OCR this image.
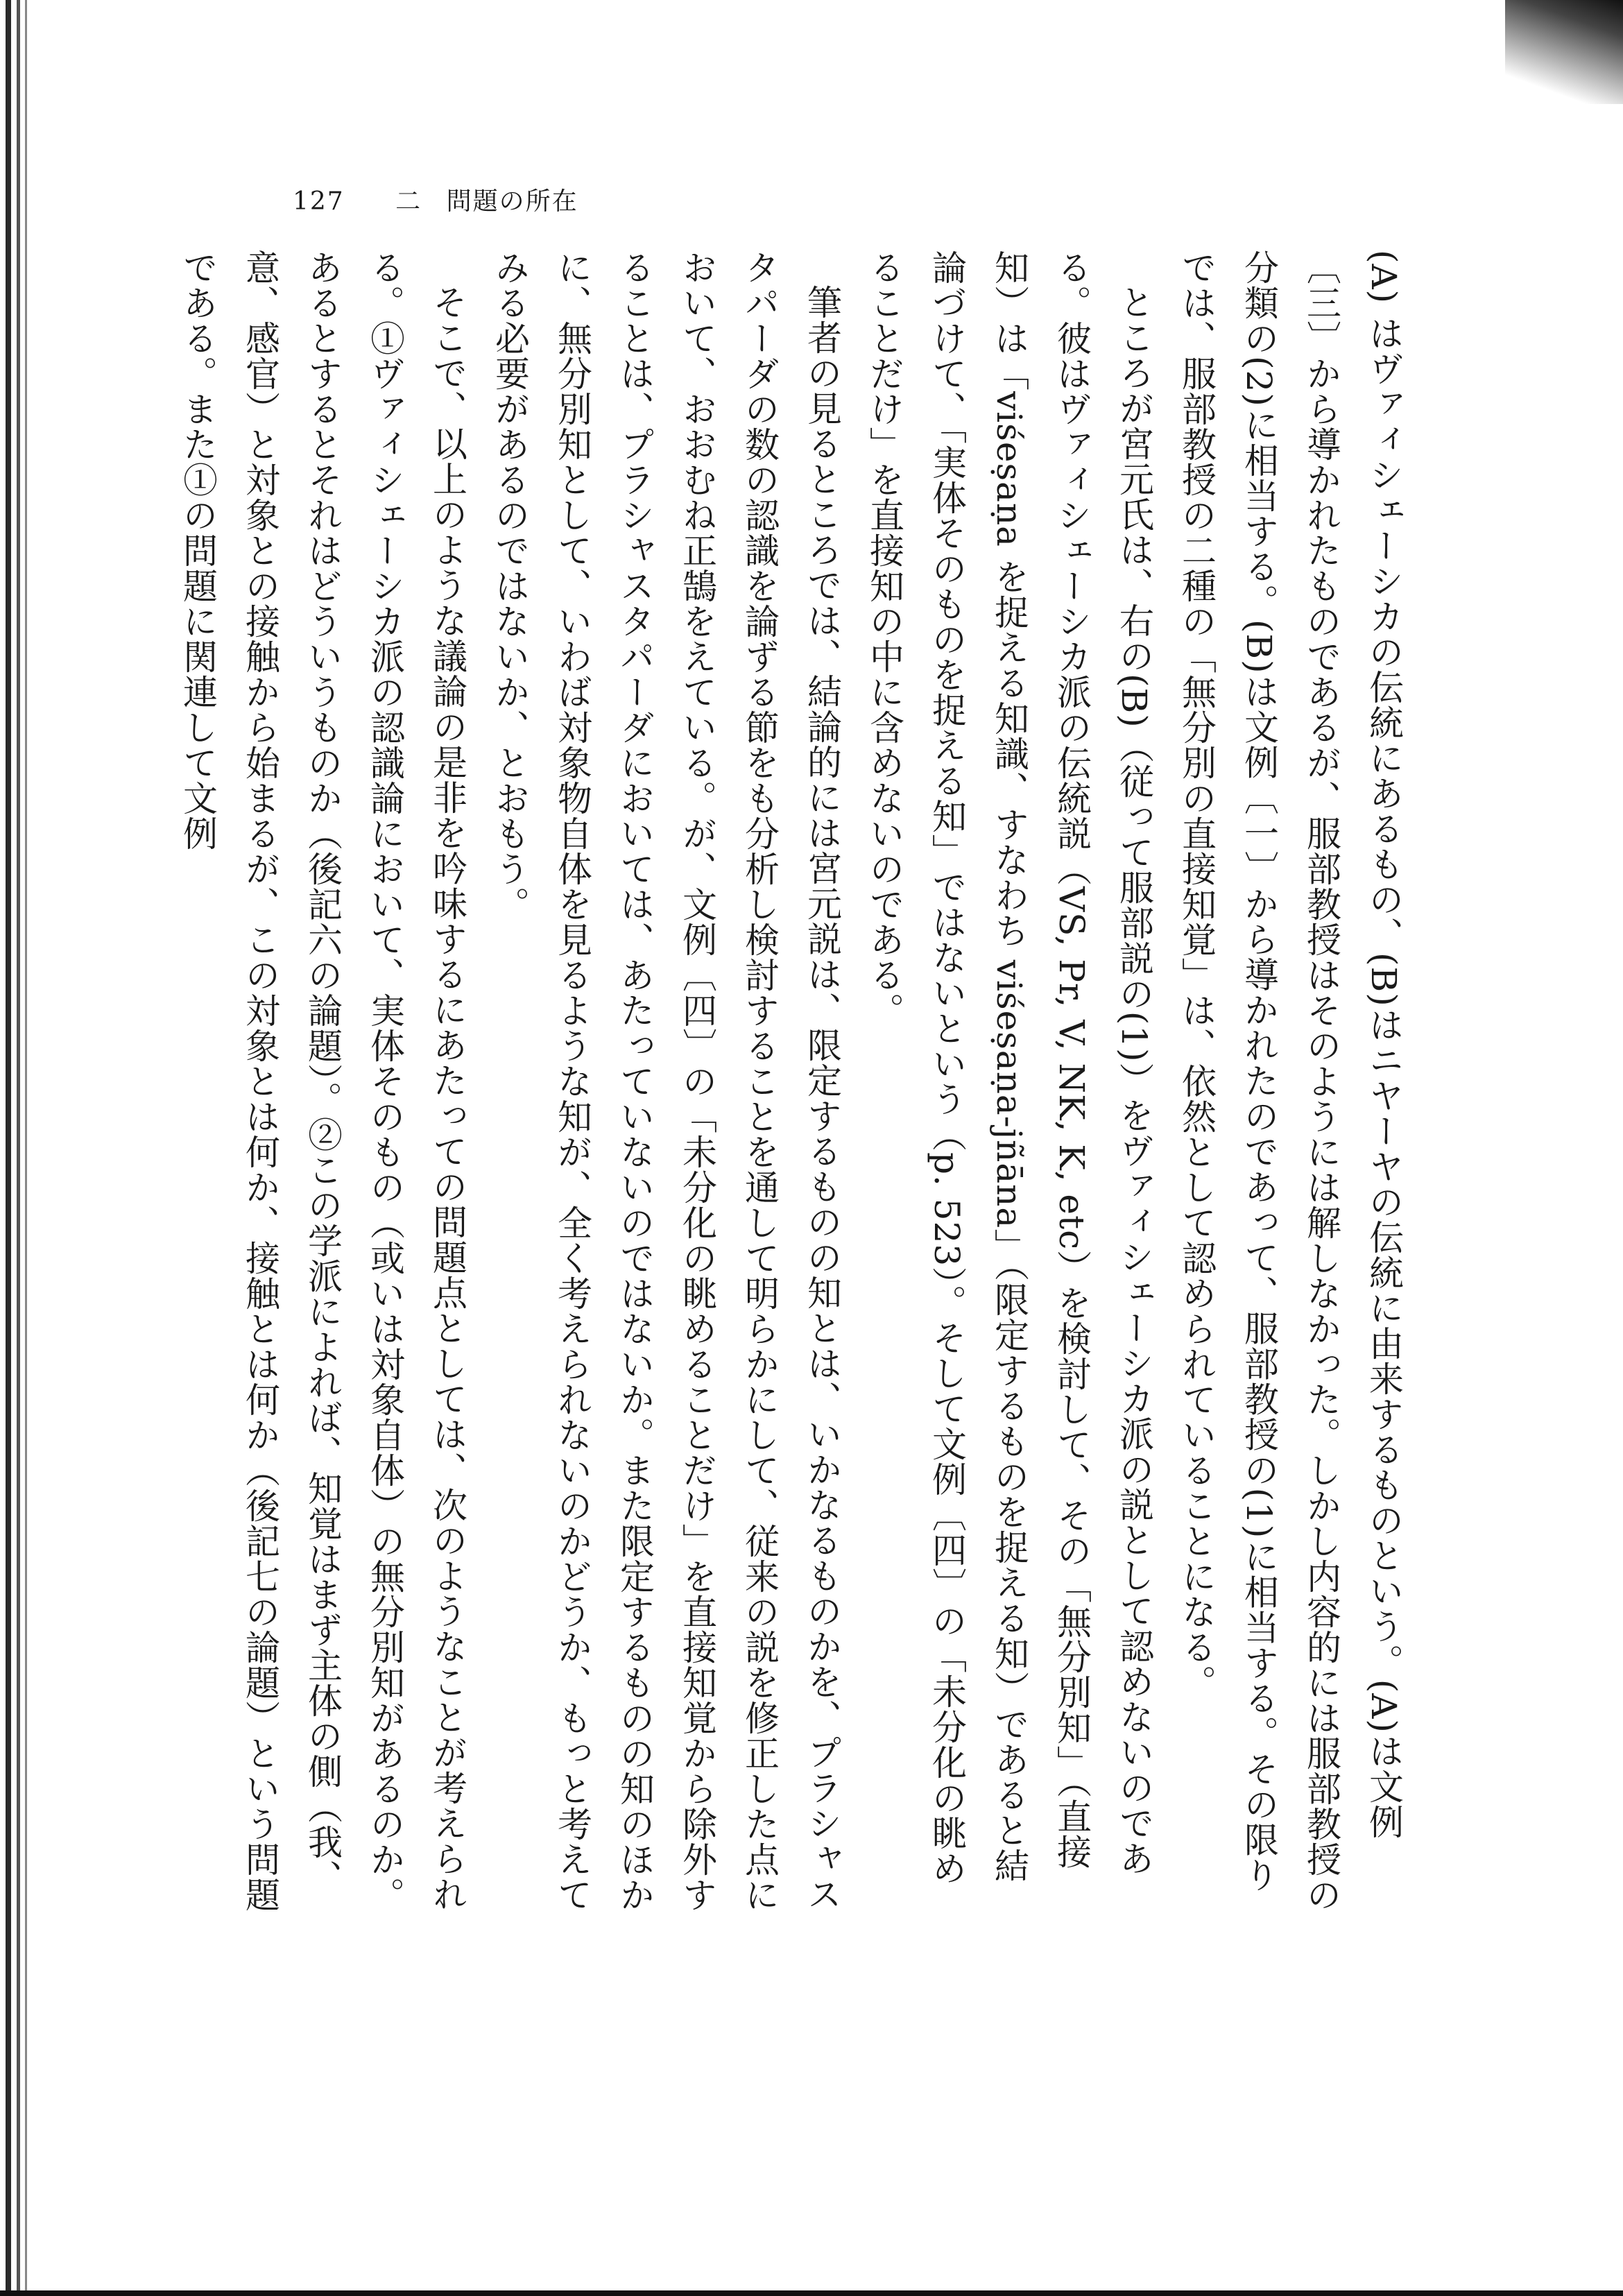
127 二 問題の所在

(A) はヴァィシェーシカの伝統にあるもの、(B)はニヤーヤの伝統に由来するものという。(A)は文例〔三〕から導かれたものであるが、服部教授はそのようには解しなかった。しかし内容的には服部教授の分類の(2)に相当する。(B)は文例〔一〕から導かれたのであって、服部教授の(1)に相当する。その限りでは、服部教授の二種の「無分別の直接知覚」は、依然として認められていることになる。

ところが宮元氏は、右の(B)（従って服部説の(1)）をヴァィシェーシカ派の説として認めないのである。彼はヴァィシェーシカ派の伝統説（VS, Pr, V, NK, K, etc）を検討して、その「無分別知」（直接知）は「viśeṣaṇa を捉える知識、すなわち viśeṣaṇa-jñāna」（限定するものを捉える知）であると結論づけて、「実体そのものを捉える知」ではないという（p. 523）。そして文例〔四〕の「未分化の眺めることだけ」を直接知の中に含めないのである。

筆者の見るところでは、結論的には宮元説は、限定するものの知とは、いかなるものかを、プラシャスタパーダの数の認識を論ずる節をも分析し検討することを通して明らかにして、従来の説を修正した点において、おおむね正鵠をえている。が、文例〔四〕の「未分化の眺めることだけ」を直接知覚から除外することは、プラシャスタパーダにおいては、あたっていないのではないか。また限定するものの知のほかに、無分別知として、いわば対象物自体を見るような知が、全く考えられないのかどうか、もっと考えてみる必要があるのではないか、とおもう。

そこで、以上のような議論の是非を吟味するにあたっての問題点としては、次のようなことが考えられる。①ヴァィシェーシカ派の認識論において、実体そのもの（或いは対象自体）の無分別知があるのか。あるとするとそれはどういうものか（後記六の論題）。②この学派によれば、知覚はまず主体の側（我、意、感官）と対象との接触から始まるが、この対象とは何か、接触とは何か（後記七の論題）という問題である。また①の問題に関連して文例
